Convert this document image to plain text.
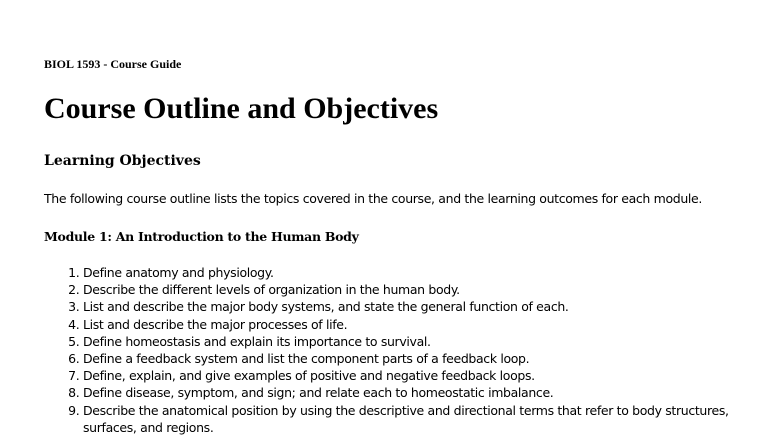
BIOL 1593 - Course Guide
Course Outline and Objectives
Learning Objectives

The following course outline lists the topics covered in the course, and the learning outcomes for each module.

Module 1: An Introduction to the Human Body
1. Define anatomy and physiology.
2. Describe the different levels of organization in the human body.
3. List and describe the major body systems, and state the general function of each.
4. List and describe the major processes of life.
5. Define homeostasis and explain its importance to survival.
6. Define a feedback system and list the component parts of a feedback loop.
7. Define, explain, and give examples of positive and negative feedback loops.
8. Define disease, symptom, and sign; and relate each to homeostatic imbalance.
9. Describe the anatomical position by using the descriptive and directional terms that refer to body structures, surfaces, and regions.
